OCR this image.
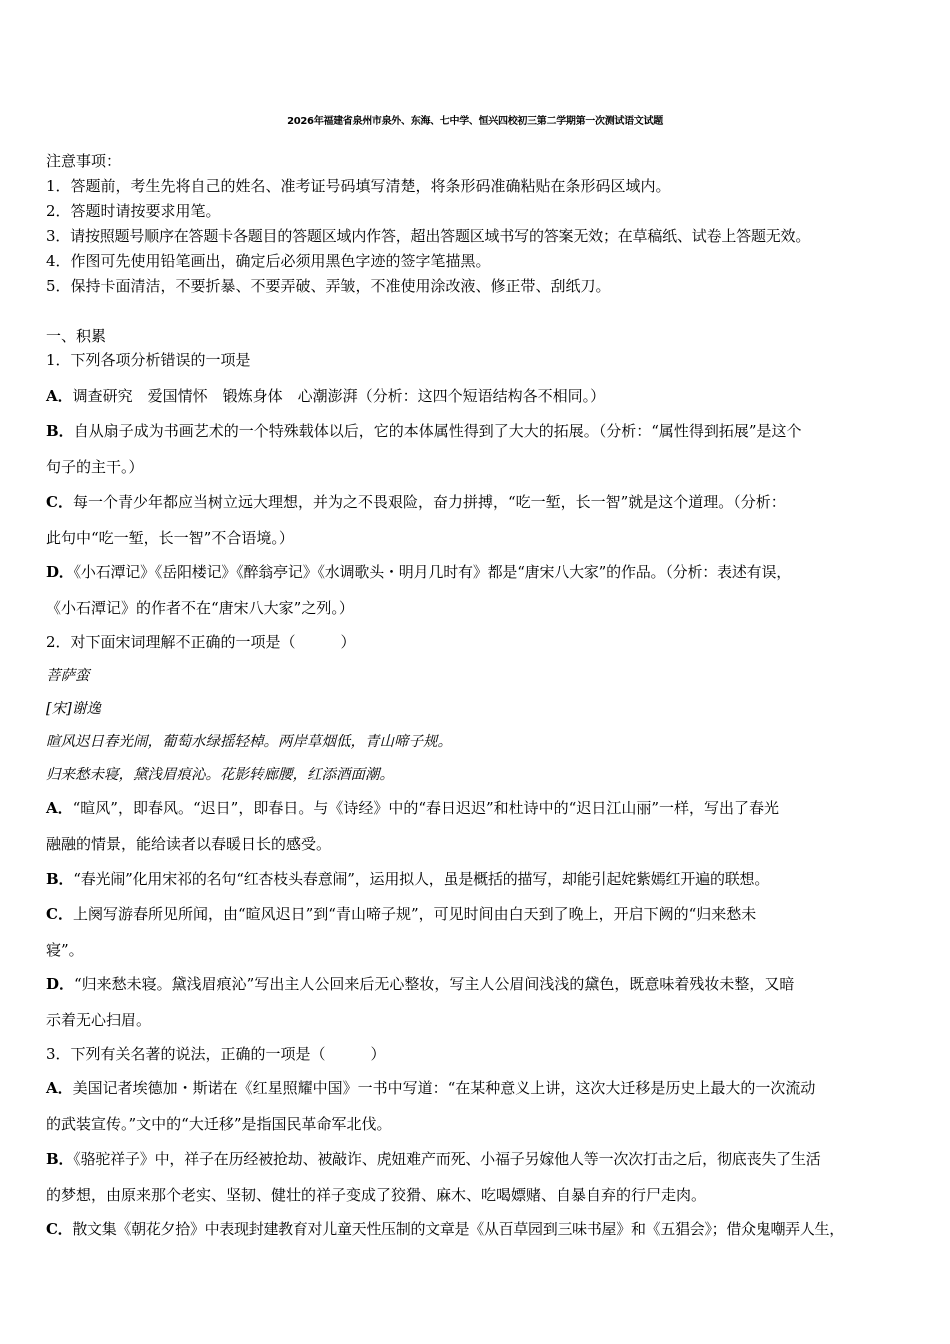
2026年福建省泉州市泉外、东海、七中学、恒兴四校初三第二学期第一次测试语文试题
注意事项：
1．答题前，考生先将自己的姓名、准考证号码填写清楚，将条形码准确粘贴在条形码区域内。
2．答题时请按要求用笔。
3．请按照题号顺序在答题卡各题目的答题区域内作答，超出答题区域书写的答案无效；在草稿纸、试卷上答题无效。
4．作图可先使用铅笔画出，确定后必须用黑色字迹的签字笔描黑。
5．保持卡面清洁，不要折暴、不要弄破、弄皱，不准使用涂改液、修正带、刮纸刀。
一、积累
1．下列各项分析错误的一项是
A．调查研究　爱国情怀　锻炼身体　心潮澎湃（分析：这四个短语结构各不相同。）
B．自从扇子成为书画艺术的一个特殊载体以后，它的本体属性得到了大大的拓展。（分析：“属性得到拓展”是这个
句子的主干。）
C．每一个青少年都应当树立远大理想，并为之不畏艰险，奋力拼搏，“吃一堑，长一智”就是这个道理。（分析：
此句中“吃一堑，长一智”不合语境。）
D．《小石潭记》《岳阳楼记》《醉翁亭记》《水调歌头・明月几时有》都是“唐宋八大家”的作品。（分析：表述有误，
《小石潭记》的作者不在“唐宋八大家”之列。）
2．对下面宋词理解不正确的一项是（　　　）
菩萨蛮
[宋]谢逸
暄风迟日春光闹，葡萄水绿摇轻棹。两岸草烟低，青山啼子规。
归来愁未寝，黛浅眉痕沁。花影转廊腰，红添酒面潮。
A．“暄风”，即春风。“迟日”，即春日。与《诗经》中的“春日迟迟”和杜诗中的“迟日江山丽”一样，写出了春光
融融的情景，能给读者以春暖日长的感受。
B．“春光闹”化用宋祁的名句“红杏枝头春意闹”，运用拟人，虽是概括的描写，却能引起姹紫嫣红开遍的联想。
C．上阕写游春所见所闻，由“暄风迟日”到“青山啼子规”，可见时间由白天到了晚上，开启下阙的“归来愁未
寝”。
D．“归来愁未寝。黛浅眉痕沁”写出主人公回来后无心整妆，写主人公眉间浅浅的黛色，既意味着残妆未整，又暗
示着无心扫眉。
3．下列有关名著的说法，正确的一项是（　　　）
A．美国记者埃德加・斯诺在《红星照耀中国》一书中写道：“在某种意义上讲，这次大迁移是历史上最大的一次流动
的武装宣传。”文中的“大迁移”是指国民革命军北伐。
B．《骆驼祥子》中，祥子在历经被抢劫、被敲诈、虎妞难产而死、小福子另嫁他人等一次次打击之后，彻底丧失了生活
的梦想，由原来那个老实、坚韧、健壮的祥子变成了狡猾、麻木、吃喝嫖赌、自暴自弃的行尸走肉。
C．散文集《朝花夕拾》中表现封建教育对儿童天性压制的文章是《从百草园到三味书屋》和《五猖会》；借众鬼嘲弄人生，
